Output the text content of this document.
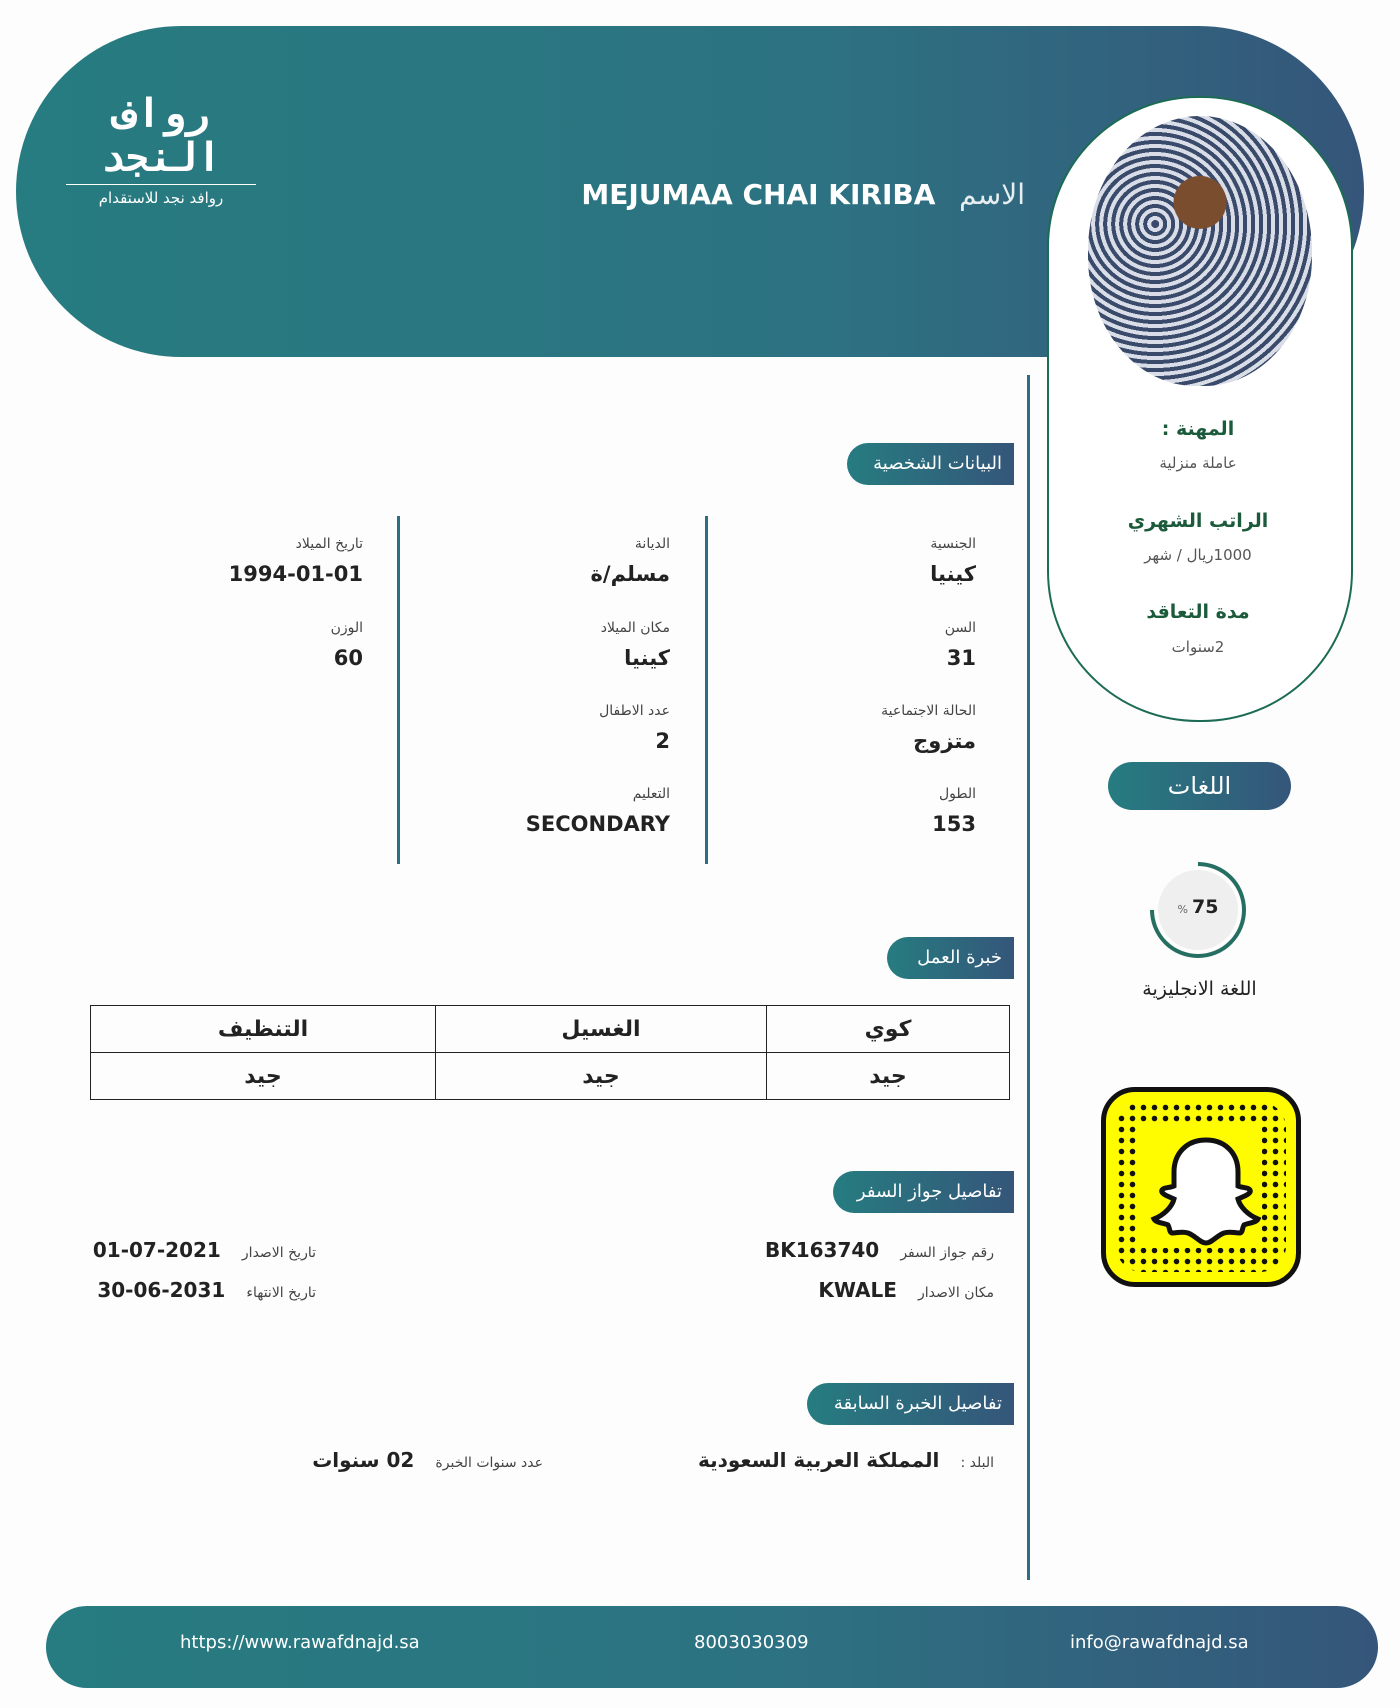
رواف النجد
روافد نجد للاستقدام	MEJUMAA CHAI KIRIBA الاسم
المهنة :
عاملة منزلية
الراتب الشهري
1000ريال / شهر
مدة التعاقد
2سنوات
اللغات
% 75
اللغة الانجليزية
البيانات الشخصية
خبرة العمل
تفاصيل جواز السفر
تفاصيل الخبرة السابقة
الجنسية
كينيا
السن
31
الحالة الاجتماعية
متزوج
الطول
153
الديانة
مسلم/ة
مكان الميلاد
كينيا
عدد الاطفال
2
التعليم
SECONDARY
تاريخ الميلاد
1994-01-01
الوزن
60
كوي	الغسيل	التنظيف
جيد	جيد	جيد
رقم جواز السفر BK163740
مكان الاصدار KWALE
تاريخ الاصدار 2021-07-01
تاريخ الانتهاء 2031-06-30
البلد : المملكة العربية السعودية
عدد سنوات الخبرة 02 سنوات
https://www.rawafdnajd.sa	8003030309	info@rawafdnajd.sa
